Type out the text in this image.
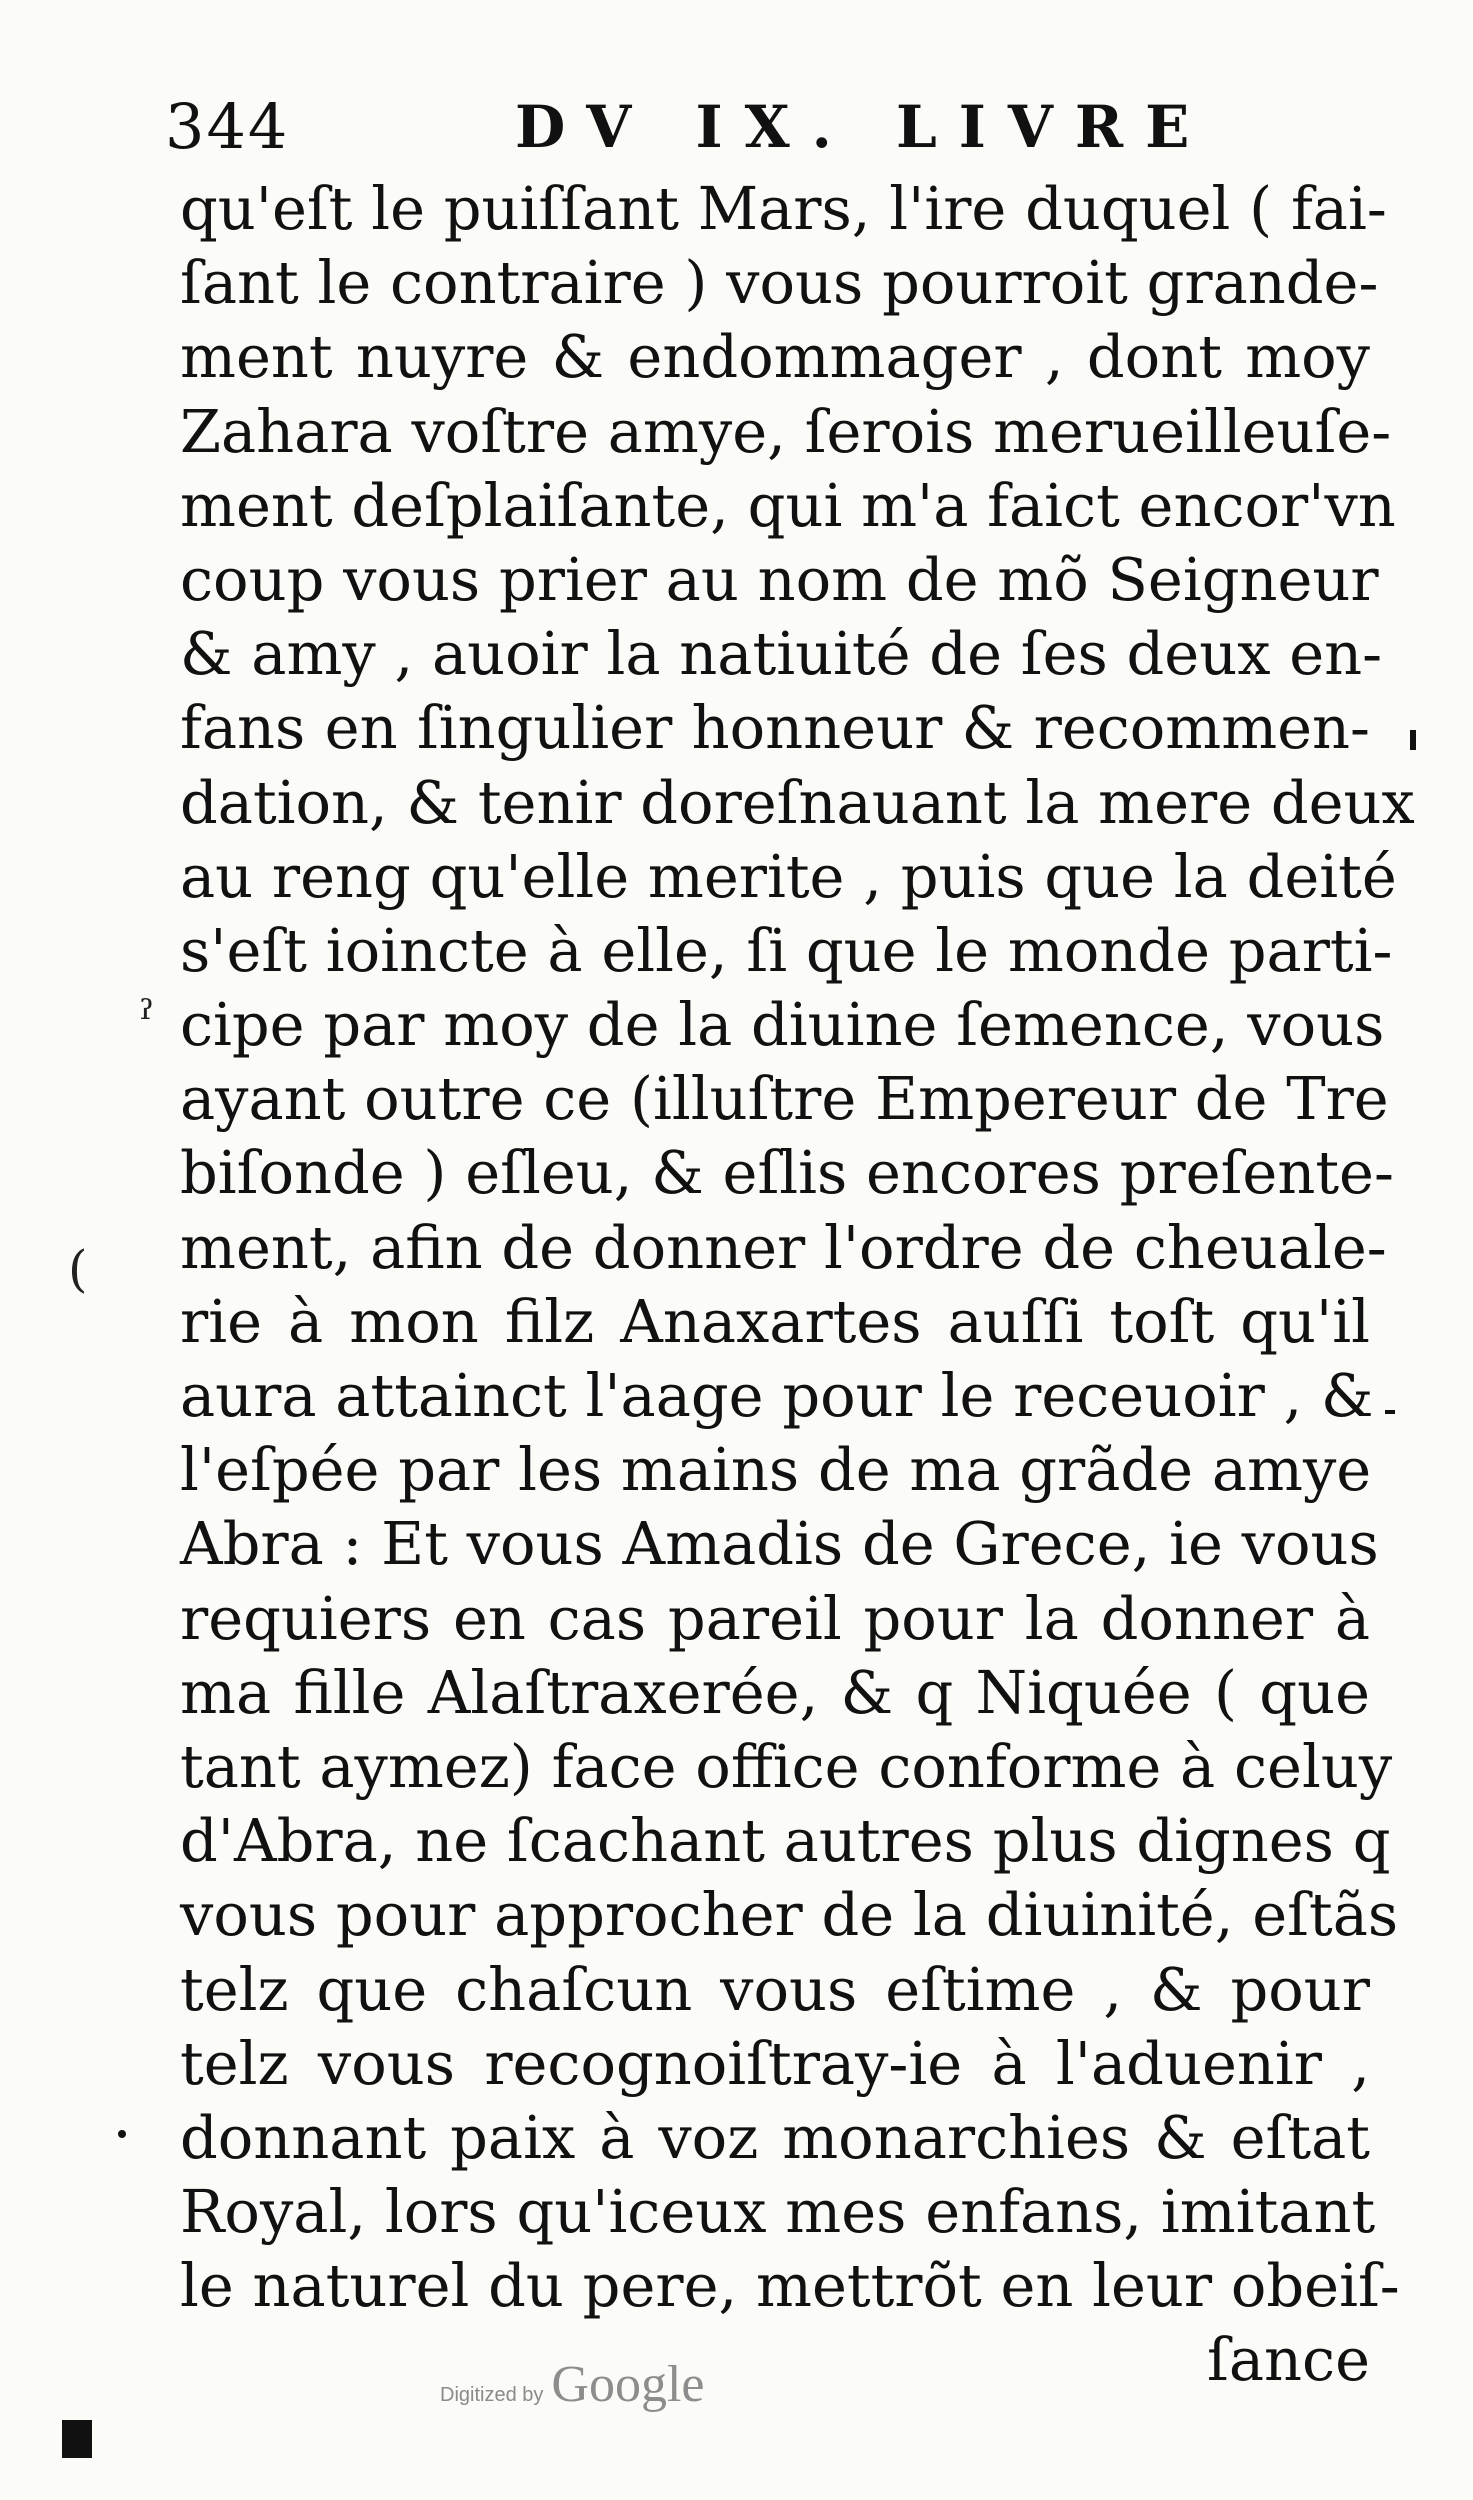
344	DV IX. LIVRE
qu'eſt le puiſſant Mars, l'ire duquel ( fai-
ſant le contraire ) vous pourroit grande-
ment nuyre & endommager , dont moy
Zahara voſtre amye, ſerois merueilleuſe-
ment deſplaiſante, qui m'a faict encor'vn
coup vous prier au nom de mõ Seigneur
& amy , auoir la natiuité de ſes deux en-
fans en ſingulier honneur & recommen-
dation, & tenir doreſnauant la mere deux
au reng qu'elle merite , puis que la deité
s'eſt ioincte à elle, ſi que le monde parti-
cipe par moy de la diuine ſemence, vous
ayant outre ce (illuſtre Empereur de Tre
biſonde ) eſleu, & eſlis encores preſente-
ment, afin de donner l'ordre de cheuale-
rie à mon filz Anaxartes auſſi toſt qu'il
aura attainct l'aage pour le receuoir , &
l'eſpée par les mains de ma grãde amye
Abra : Et vous Amadis de Grece, ie vous
requiers en cas pareil pour la donner à
ma fille Alaſtraxerée, & q Niquée ( que
tant aymez) face office conforme à celuy
d'Abra, ne ſcachant autres plus dignes q
vous pour approcher de la diuinité, eſtãs
telz que chaſcun vous eſtime , & pour
telz vous recognoiſtray-ie à l'aduenir ,
donnant paix à voz monarchies & eſtat
Royal, lors qu'iceux mes enfans, imitant
le naturel du pere, mettrõt en leur obeiſ-
ſance
ˀ
(
Digitized by Google
